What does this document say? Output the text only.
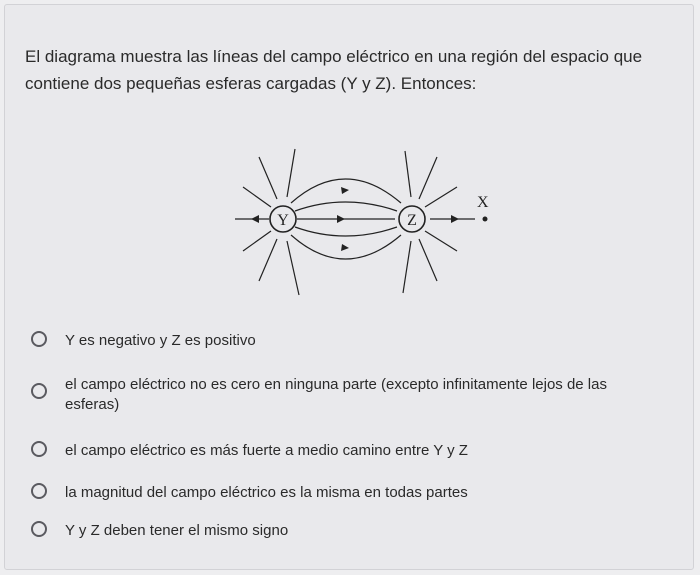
El diagrama muestra las líneas del campo eléctrico en una región del espacio que contiene dos pequeñas esferas cargadas (Y y Z). Entonces:

Y	Z
X
Y es negativo y Z es positivo
el campo eléctrico no es cero en ninguna parte (excepto infinitamente lejos de las esferas)
el campo eléctrico es más fuerte a medio camino entre Y y Z
la magnitud del campo eléctrico es la misma en todas partes
Y y Z deben tener el mismo signo
